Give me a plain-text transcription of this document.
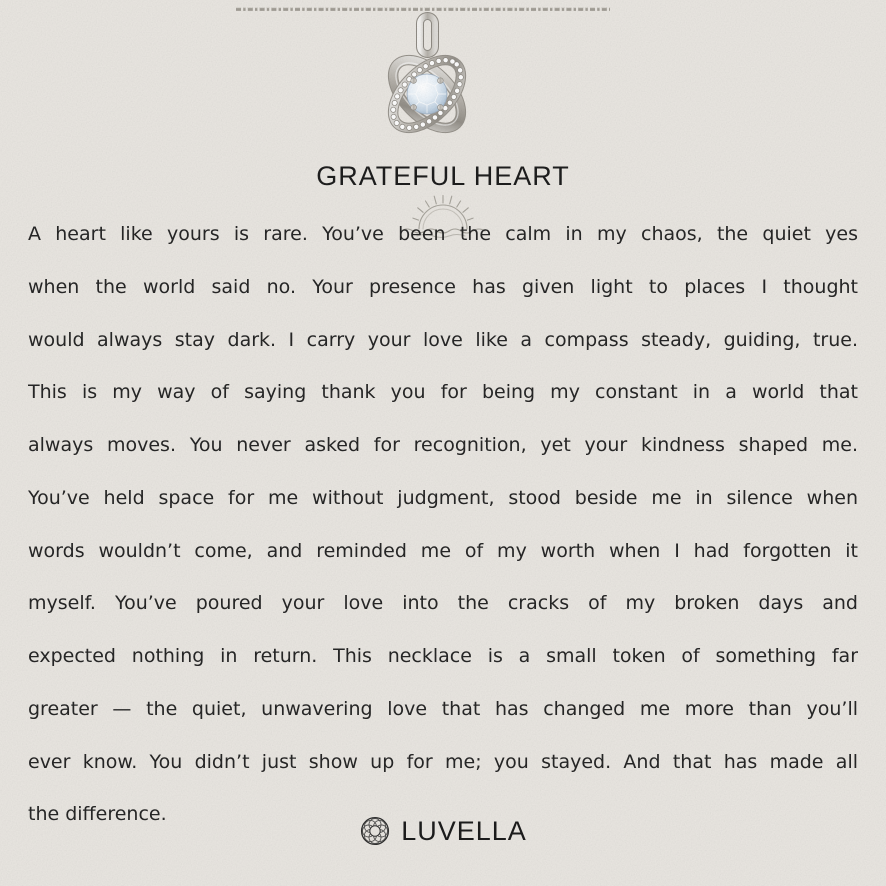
GRATEFUL HEART
A heart like yours is rare. You’ve been the calm in my chaos, the quiet yes
when the world said no. Your presence has given light to places I thought
would always stay dark. I carry your love like a compass steady, guiding, true.
This is my way of saying thank you for being my constant in a world that
always moves. You never asked for recognition, yet your kindness shaped me.
You’ve held space for me without judgment, stood beside me in silence when
words wouldn’t come, and reminded me of my worth when I had forgotten it
myself. You’ve poured your love into the cracks of my broken days and
expected nothing in return. This necklace is a small token of something far
greater — the quiet, unwavering love that has changed me more than you’ll
ever know. You didn’t just show up for me; you stayed. And that has made all
the difference.
LUVELLA
